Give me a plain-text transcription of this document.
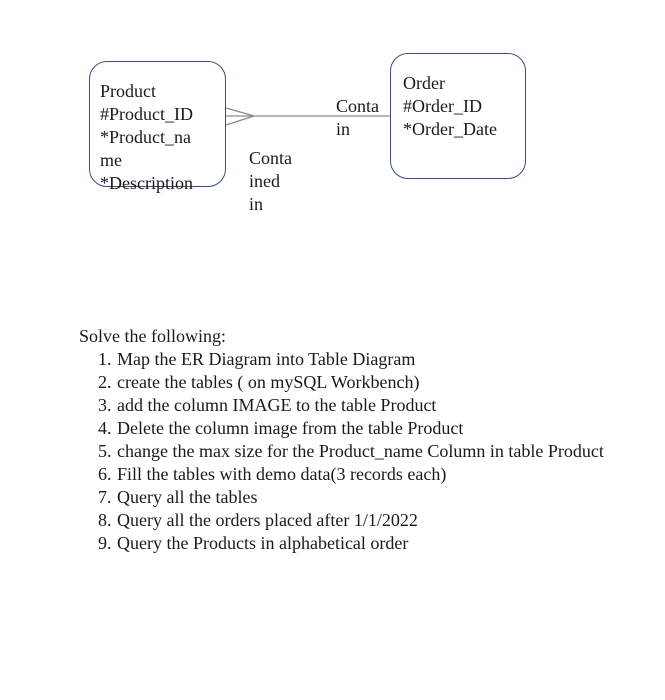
Product
#Product_ID
*Product_na
me
*Description
Order
#Order_ID
*Order_Date
Conta
in
Conta
ined
in
Solve the following:
1. Map the ER Diagram into Table Diagram
2. create the tables ( on mySQL Workbench)
3. add the column IMAGE to the table Product
4. Delete the column image from the table Product
5. change the max size for the Product_name Column in table Product
6. Fill the tables with demo data(3 records each)
7. Query all the tables
8. Query all the orders placed after 1/1/2022
9. Query the Products in alphabetical order
